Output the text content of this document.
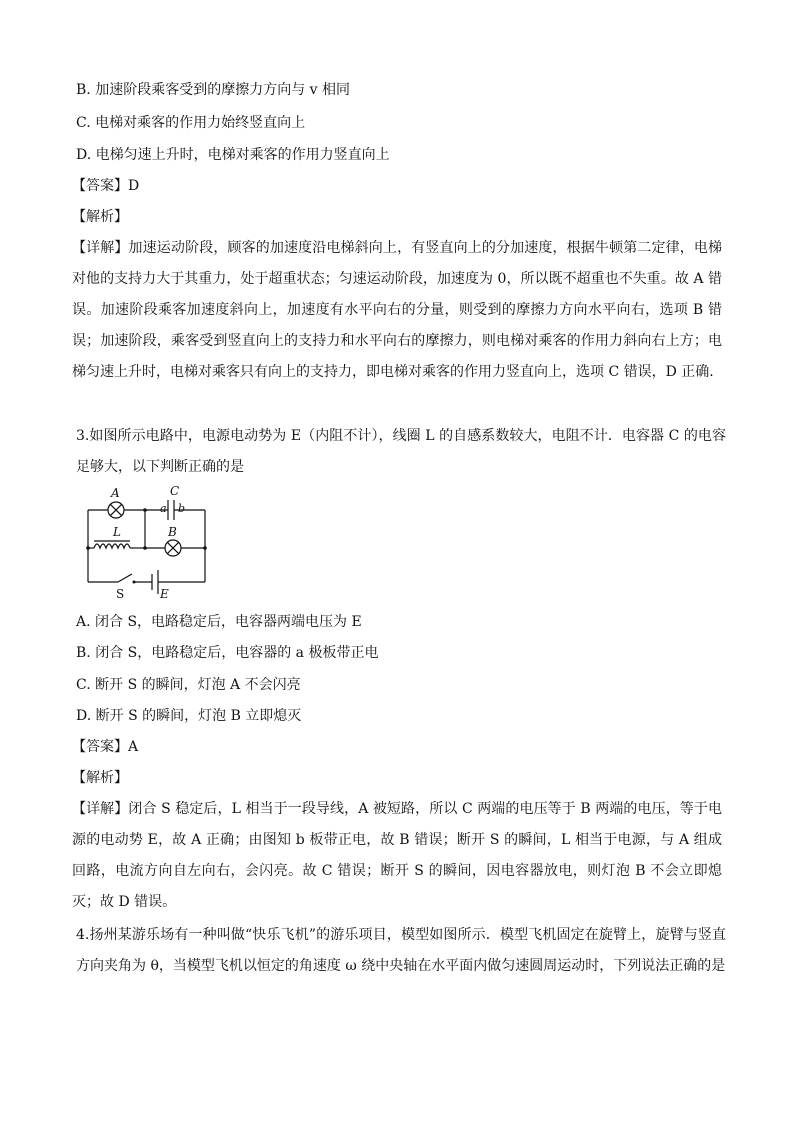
B. 加速阶段乘客受到的摩擦力方向与 v 相同
C. 电梯对乘客的作用力始终竖直向上
D. 电梯匀速上升时，电梯对乘客的作用力竖直向上
【答案】D
【解析】
【详解】加速运动阶段，顾客的加速度沿电梯斜向上，有竖直向上的分加速度，根据牛顿第二定律，电梯对他的支持力大于其重力，处于超重状态；匀速运动阶段，加速度为 0，所以既不超重也不失重。故 A 错误。加速阶段乘客加速度斜向上，加速度有水平向右的分量，则受到的摩擦力方向水平向右，选项 B 错误；加速阶段，乘客受到竖直向上的支持力和水平向右的摩擦力，则电梯对乘客的作用力斜向右上方；电梯匀速上升时，电梯对乘客只有向上的支持力，即电梯对乘客的作用力竖直向上，选项 C 错误，D 正确.
3.如图所示电路中，电源电动势为 E（内阻不计），线圈 L 的自感系数较大，电阻不计．电容器 C 的电容足够大，以下判断正确的是
A	C
a b
L	B
S	E
A. 闭合 S，电路稳定后，电容器两端电压为 E
B. 闭合 S，电路稳定后，电容器的 a 极板带正电
C. 断开 S 的瞬间，灯泡 A 不会闪亮
D. 断开 S 的瞬间，灯泡 B 立即熄灭
【答案】A
【解析】
【详解】闭合 S 稳定后，L 相当于一段导线，A 被短路，所以 C 两端的电压等于 B 两端的电压，等于电源的电动势 E，故 A 正确；由图知 b 板带正电，故 B 错误；断开 S 的瞬间，L 相当于电源，与 A 组成回路，电流方向自左向右，会闪亮。故 C 错误；断开 S 的瞬间，因电容器放电，则灯泡 B 不会立即熄灭；故 D 错误。
4.扬州某游乐场有一种叫做“快乐飞机”的游乐项目，模型如图所示．模型飞机固定在旋臂上，旋臂与竖直方向夹角为 θ，当模型飞机以恒定的角速度 ω 绕中央轴在水平面内做匀速圆周运动时，下列说法正确的是
